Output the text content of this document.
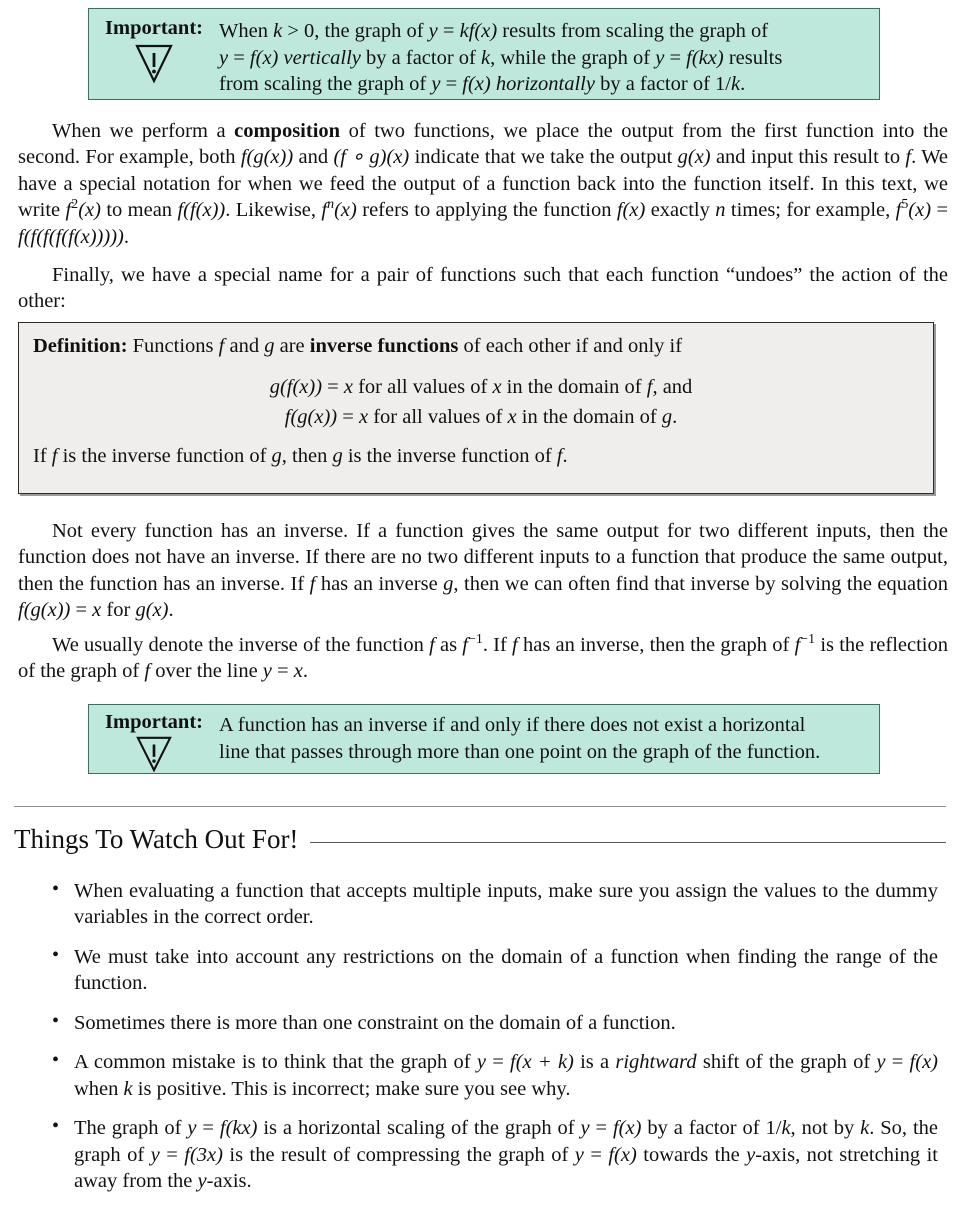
Important: When k > 0, the graph of y = kf(x) results from scaling the graph of
y = f(x) vertically by a factor of k, while the graph of y = f(kx) results
from scaling the graph of y = f(x) horizontally by a factor of 1/k.

When we perform a composition of two functions, we place the output from the first function into the second. For example, both f(g(x)) and (f ∘ g)(x) indicate that we take the output g(x) and input this result to f. We have a special notation for when we feed the output of a function back into the function itself. In this text, we write $f^2(x)$ to mean f(f(x)). Likewise, $f^n(x)$ refers to applying the function f(x) exactly n times; for example, $f^5(x) = f(f(f(f(f(x)))))$.

Finally, we have a special name for a pair of functions such that each function “undoes” the action of the other:

Definition: Functions f and g are inverse functions of each other if and only if
g(f(x)) = x for all values of x in the domain of f, and
f(g(x)) = x for all values of x in the domain of g.
If f is the inverse function of g, then g is the inverse function of f.

Not every function has an inverse. If a function gives the same output for two different inputs, then the function does not have an inverse. If there are no two different inputs to a function that produce the same output, then the function has an inverse. If f has an inverse g, then we can often find that inverse by solving the equation f(g(x)) = x for g(x).

We usually denote the inverse of the function f as $f^{-1}$. If f has an inverse, then the graph of $f^{-1}$ is the reflection of the graph of f over the line y = x.

Important: A function has an inverse if and only if there does not exist a horizontal
line that passes through more than one point on the graph of the function.
Things To Watch Out For!
• When evaluating a function that accepts multiple inputs, make sure you assign the values to the dummy variables in the correct order.
• We must take into account any restrictions on the domain of a function when finding the range of the function.
• Sometimes there is more than one constraint on the domain of a function.
• A common mistake is to think that the graph of y = f(x + k) is a rightward shift of the graph of y = f(x) when k is positive. This is incorrect; make sure you see why.
• The graph of y = f(kx) is a horizontal scaling of the graph of y = f(x) by a factor of 1/k, not by k. So, the graph of y = f(3x) is the result of compressing the graph of y = f(x) towards the y-axis, not stretching it away from the y-axis.
